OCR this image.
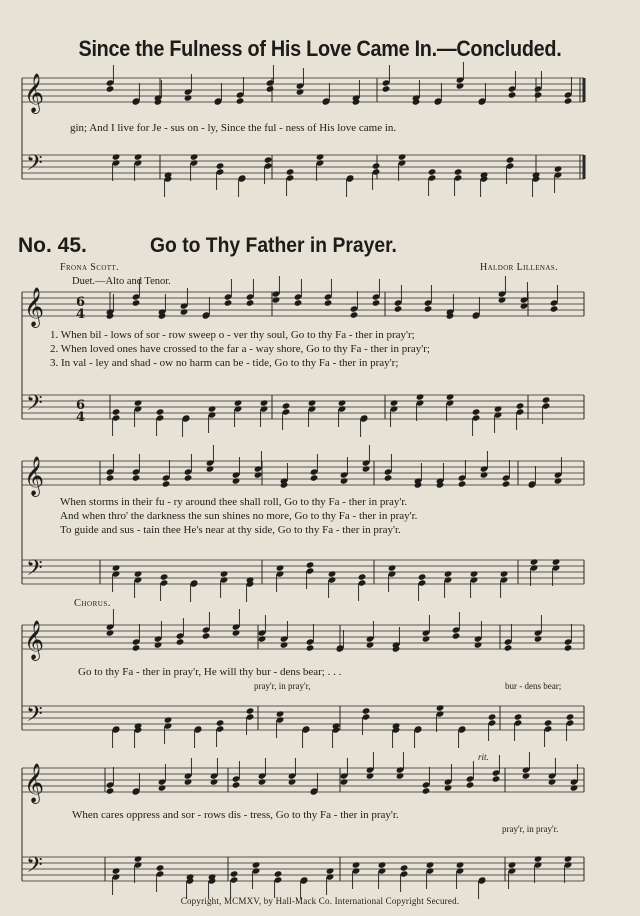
Since the Fulness of His Love Came In.—Concluded.
𝄞
𝄢
𝄞
𝄢
𝄞
𝄢
𝄞
𝄢
𝄞
𝄢
6
4
6
4
gin; And I live for Je - sus on - ly, Since the ful - ness of His love came in.
No. 45.	Go to Thy Father in Prayer.
Frona Scott.	Haldor Lillenas.
Duet.—Alto and Tenor.
1. When bil - lows of sor - row sweep o - ver thy soul, Go to thy Fa - ther in pray'r;
2. When loved ones have crossed to the far a - way shore, Go to thy Fa - ther in pray'r;
3. In val - ley and shad - ow no harm can be - tide, Go to thy Fa - ther in pray'r;
When storms in their fu - ry around thee shall roll, Go to thy Fa - ther in pray'r.
And when thro' the darkness the sun shines no more, Go to thy Fa - ther in pray'r.
To guide and sus - tain thee He's near at thy side, Go to thy Fa - ther in pray'r.
Chorus.
Go to thy Fa - ther in pray'r, He will thy bur - dens bear; . . .
pray'r, in pray'r,	bur - dens bear;
rit.
When cares oppress and sor - rows dis - tress, Go to thy Fa - ther in pray'r.
pray'r, in pray'r.
Copyright, MCMXV, by Hall-Mack Co. International Copyright Secured.
